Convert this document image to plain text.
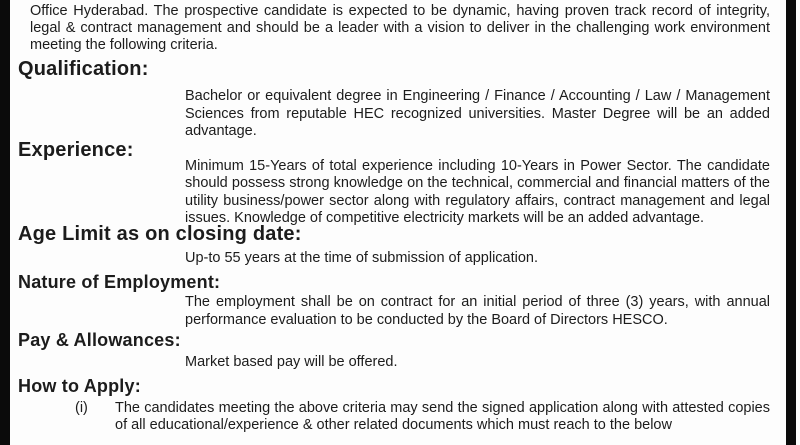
Office Hyderabad. The prospective candidate is expected to be dynamic, having proven track record of integrity, legal & contract management and should be a leader with a vision to deliver in the challenging work environment meeting the following criteria.

Qualification:

Bachelor or equivalent degree in Engineering / Finance / Accounting / Law / Management Sciences from reputable HEC recognized universities. Master Degree will be an added advantage.

Experience:

Minimum 15-Years of total experience including 10-Years in Power Sector. The candidate should possess strong knowledge on the technical, commercial and financial matters of the utility business/power sector along with regulatory affairs, contract management and legal issues. Knowledge of competitive electricity markets will be an added advantage.

Age Limit as on closing date:

Up-to 55 years at the time of submission of application.

Nature of Employment:

The employment shall be on contract for an initial period of three (3) years, with annual performance evaluation to be conducted by the Board of Directors HESCO.

Pay & Allowances:

Market based pay will be offered.

How to Apply:
(i)	The candidates meeting the above criteria may send the signed application along with attested copies of all educational/experience & other related documents which must reach to the below
